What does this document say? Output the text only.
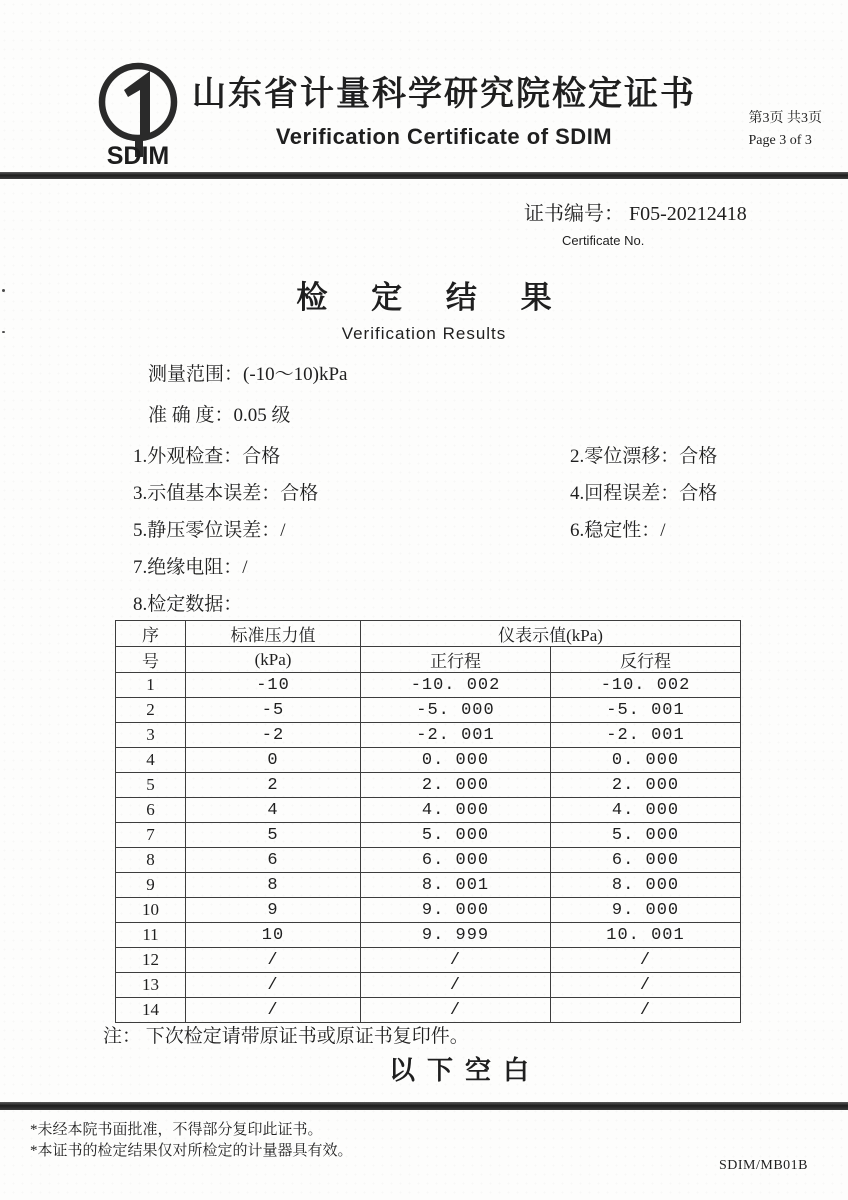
SDIM
山东省计量科学研究院检定证书
Verification Certificate of SDIM
第3页 共3页
Page 3 of 3
证书编号： F05-20212418
Certificate No.
检 定 结 果
Verification Results
测量范围：(-10～10)kPa
准 确 度：0.05 级
1.外观检查：合格	2.零位漂移：合格
3.示值基本误差：合格	4.回程误差：合格
5.静压零位误差：/	6.稳定性：/
7.绝缘电阻：/
8.检定数据：
序	标准压力值	仪表示值(kPa)	
号	(kPa)	正行程	反行程
1	-10	-10. 002	-10. 002
2	-5	-5. 000	-5. 001
3	-2	-2. 001	-2. 001
4	0	0. 000	0. 000
5	2	2. 000	2. 000
6	4	4. 000	4. 000
7	5	5. 000	5. 000
8	6	6. 000	6. 000
9	8	8. 001	8. 000
10	9	9. 000	9. 000
11	10	9. 999	10. 001
12	/	/	/
13	/	/	/
14	/	/	/
注： 下次检定请带原证书或原证书复印件。
以下空白
*未经本院书面批准，不得部分复印此证书。
*本证书的检定结果仅对所检定的计量器具有效。
SDIM/MB01B
